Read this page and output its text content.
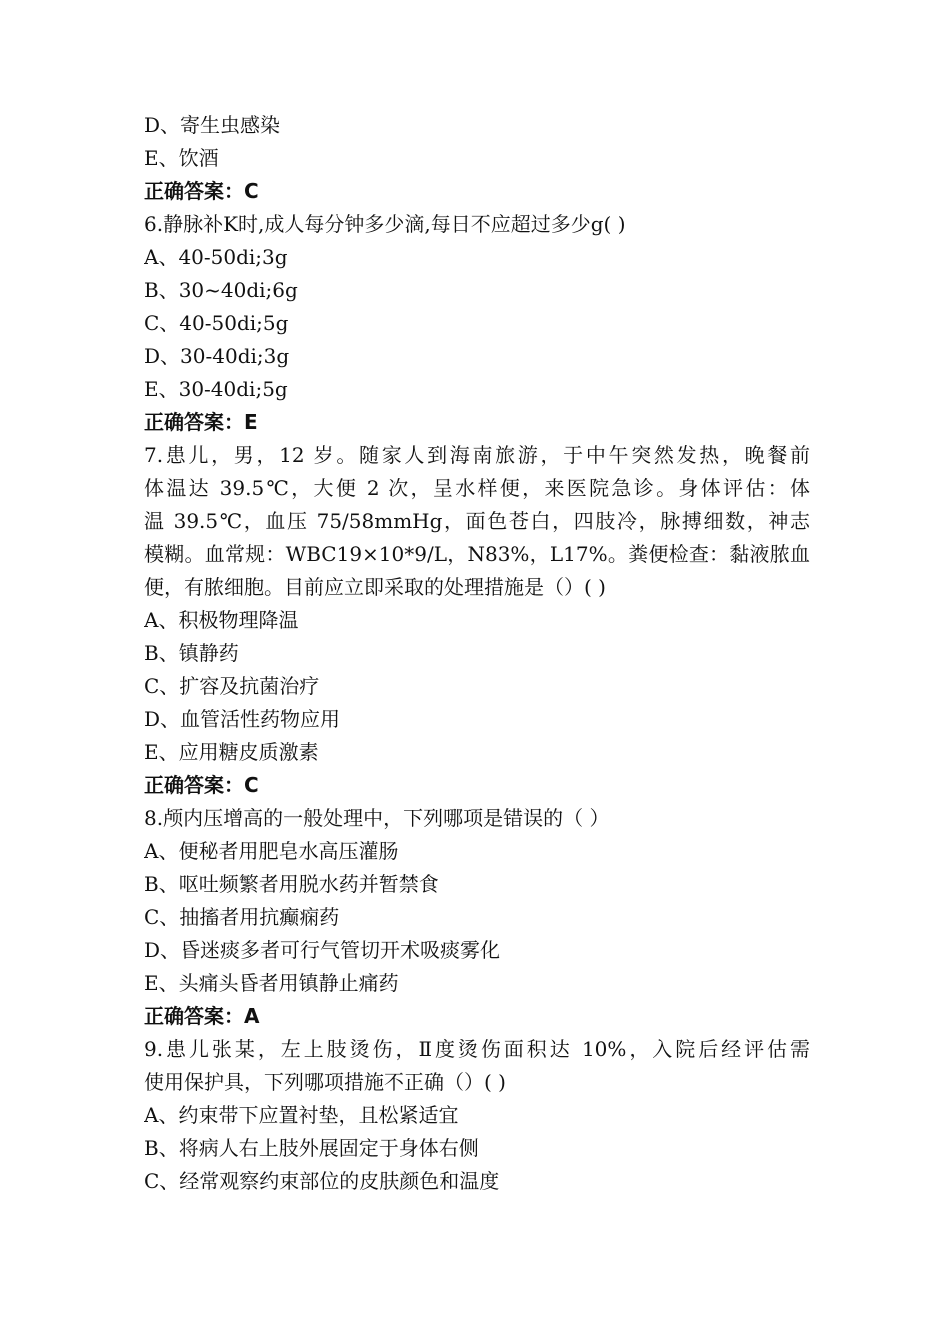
D、寄生虫感染
E、饮酒
正确答案：C
6.静脉补K时,成人每分钟多少滴,每日不应超过多少g( )
A、40-50di;3g
B、30~40di;6g
C、40-50di;5g
D、30-40di;3g
E、30-40di;5g
正确答案：E
7.患儿，男，12 岁。随家人到海南旅游，于中午突然发热，晚餐前
体温达 39.5℃，大便 2 次，呈水样便，来医院急诊。身体评估：体
温 39.5℃，血压 75/58mmHg，面色苍白，四肢冷，脉搏细数，神志
模糊。血常规：WBC19×10*9/L，N83%，L17%。粪便检查：黏液脓血
便，有脓细胞。目前应立即采取的处理措施是（）( )
A、积极物理降温
B、镇静药
C、扩容及抗菌治疗
D、血管活性药物应用
E、应用糖皮质激素
正确答案：C
8.颅内压增高的一般处理中，下列哪项是错误的（ ）
A、便秘者用肥皂水高压灌肠
B、呕吐频繁者用脱水药并暂禁食
C、抽搐者用抗癫痫药
D、昏迷痰多者可行气管切开术吸痰雾化
E、头痛头昏者用镇静止痛药
正确答案：A
9.患儿张某，左上肢烫伤，Ⅱ度烫伤面积达 10%，入院后经评估需
使用保护具，下列哪项措施不正确（）( )
A、约束带下应置衬垫，且松紧适宜
B、将病人右上肢外展固定于身体右侧
C、经常观察约束部位的皮肤颜色和温度
